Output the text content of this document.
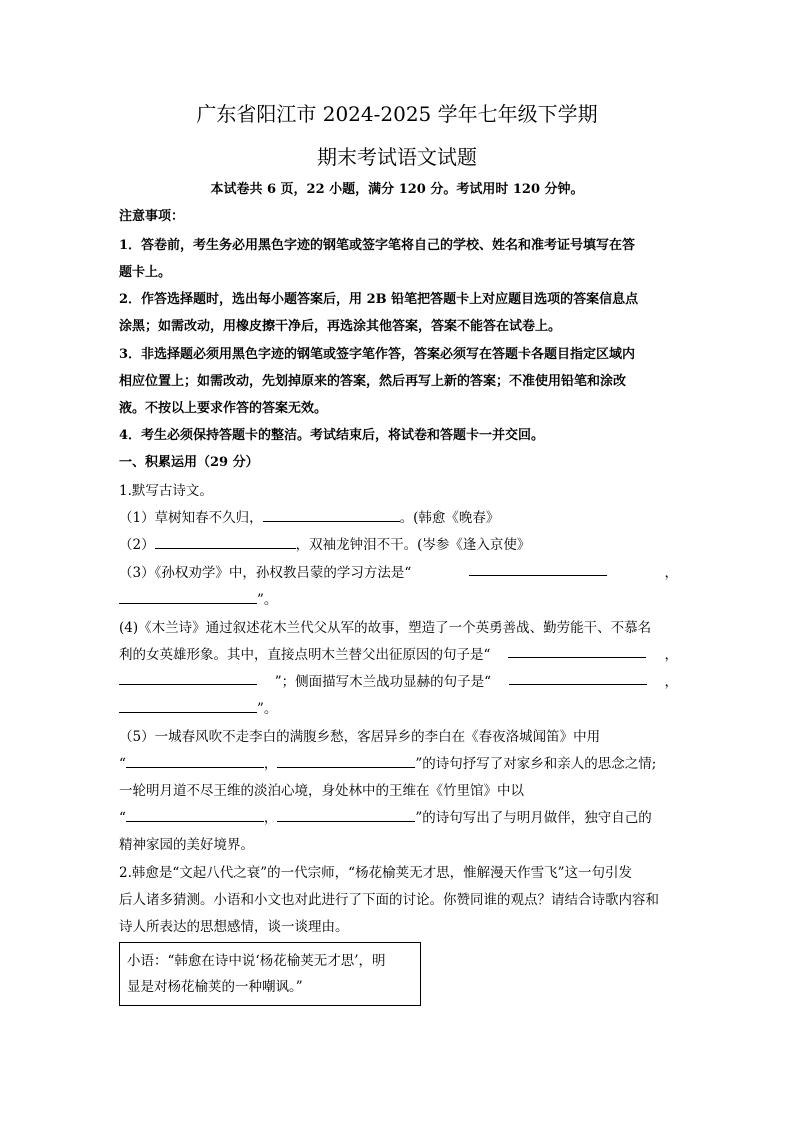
广东省阳江市 2024-2025 学年七年级下学期
期末考试语文试题
本试卷共 6 页，22 小题，满分 120 分。考试用时 120 分钟。
注意事项：
1．答卷前，考生务必用黑色字迹的钢笔或签字笔将自己的学校、姓名和准考证号填写在答
题卡上。
2．作答选择题时，选出每小题答案后，用 2B 铅笔把答题卡上对应题目选项的答案信息点
涂黑；如需改动，用橡皮擦干净后，再选涂其他答案，答案不能答在试卷上。
3．非选择题必须用黑色字迹的钢笔或签字笔作答，答案必须写在答题卡各题目指定区域内
相应位置上；如需改动，先划掉原来的答案，然后再写上新的答案；不准使用铅笔和涂改
液。不按以上要求作答的答案无效。
4．考生必须保持答题卡的整洁。考试结束后，将试卷和答题卡一并交回。
一、积累运用（29 分）
1.默写古诗文。
（1）草树知春不久归，	。(韩愈《晚春》
（2）	，双袖龙钟泪不干。(岑参《逢入京使》
（3）《孙权劝学》中，孙权教吕蒙的学习方法是“	，
”。
(4)《木兰诗》通过叙述花木兰代父从军的故事，塑造了一个英勇善战、勤劳能干、不慕名
利的女英雄形象。其中，直接点明木兰替父出征原因的句子是“	，
”；侧面描写木兰战功显赫的句子是“	，
”。
（5）一城春风吹不走李白的满腹乡愁，客居异乡的李白在《春夜洛城闻笛》中用
“	，	”的诗句抒写了对家乡和亲人的思念之情;
一轮明月道不尽王维的淡泊心境，身处林中的王维在《竹里馆》中以
“	，	”的诗句写出了与明月做伴，独守自己的
精神家园的美好境界。
2.韩愈是“文起八代之衰”的一代宗师，“杨花榆荚无才思，惟解漫天作雪飞”这一句引发
后人诸多猜测。小语和小文也对此进行了下面的讨论。你赞同谁的观点？请结合诗歌内容和
诗人所表达的思想感情，谈一谈理由。
小语：“韩愈在诗中说‘杨花榆荚无才思’，明
显是对杨花榆荚的一种嘲讽。”
